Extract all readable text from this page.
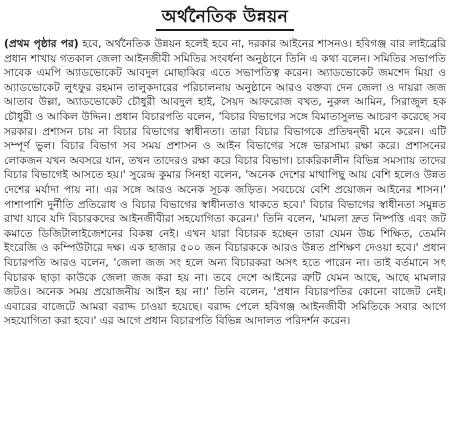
অর্থনৈতিক উন্নয়ন

(প্রথম পৃষ্ঠার পর) হবে, অর্থনৈতিক উন্নয়ন হলেই হবে না, দরকার আইনের শাসনও। হবিগঞ্জ বার লাইব্রেরি প্রধান শাখায় গতকাল জেলা আইনজীবী সমিতির সংবর্ধনা অনুষ্ঠানে তিনি এ কথা বলেন। সমিতির সভাপতি সাবেক এমপি অ্যাডভোকেট আবদুল মোছাব্বির এতে সভাপতিত্ব করেন। অ্যাডভোকেট জমশেদ মিয়া ও অ্যাডভোকেট লুৎফুর রহমান তালুকদারের পরিচালনায় অনুষ্ঠানে আরও বক্তব্য দেন জেলা ও দায়রা জজ আতাব উল্লা, অ্যাডভোকেট চৌধুরী আবদুল হাই, সৈয়দ আফরোজ বখত, নুরুল আমিন, সিরাজুল হক চৌধুরী ও আকিল উদ্দিন। প্রধান বিচারপতি বলেন, 'বিচার বিভাগের সঙ্গে বিমাতাসুলভ আচরণ করেছে সব সরকার। প্রশাসন চায় না বিচার বিভাগের স্বাধীনতা। তারা বিচার বিভাগকে প্রতিদ্বন্দ্বী মনে করেন। এটি সম্পূর্ণ ভুল। বিচার বিভাগ সব সময় প্রশাসন ও আইন বিভাগের সঙ্গে ভারসাম্য রক্ষা করে। প্রশাসনের লোকজন যখন অবসরে যান, তখন তাদেরও রক্ষা করে বিচার বিভাগ। চাকরিকালীন বিভিন্ন সমস্যায় তাদের বিচার বিভাগেই আসতে হয়।' সুরেন্দ্র কুমার সিনহা বলেন, 'অনেক দেশের মাথাপিছু আয় বেশি হলেও উন্নত দেশের মর্যাদা পায় না। এর সঙ্গে আরও অনেক সূচক জড়িত। সবচেয়ে বেশি প্রয়োজন আইনের শাসন।' পাশাপাশি দুর্নীতি প্রতিরোধ ও বিচার বিভাগের স্বাধীনতাও থাকতে হবে।' বিচার বিভাগের স্বাধীনতা সমুন্নত রাখা যাবে যদি বিচারকদের আইনজীবীরা সহযোগিতা করেন।' তিনি বলেন, 'মামলা দ্রুত নিষ্পত্তি এবং জট কমাতে ডিজিটালাইজেশনের বিকল্প নেই। এখন যারা বিচারক হচ্ছেন তারা যেমন উচ্চ শিক্ষিত, তেমনি ইংরেজি ও কম্পিউটারে দক্ষ। এক হাজার ৫০০ জন বিচারককে আরও উন্নত প্রশিক্ষণ দেওয়া হবে।' প্রধান বিচারপতি আরও বলেন, 'জেলা জজ সং হলে অন্য বিচারকরা অসৎ হতে পারেন না। তাই বর্তমানে সৎ বিচারক ছাড়া কাউকে জেলা জজ করা হয় না। তবে দেশে আইনের ত্রুটি যেমন আছে, আছে মামলার জটও। অনেক সময় প্রয়োজনীয় আইন হয় না।' তিনি বলেন, 'প্রধান বিচারপতির কোনো বাজেট নেই। এবারের বাজেটে আমরা বরাদ্দ চাওয়া হয়েছে। বরাদ্দ পেলে হবিগঞ্জ আইনজীবী সমিতিকে সবার আগে সহযোগিতা করা হবে।' এর আগে প্রধান বিচারপতি বিভিন্ন আদালত পরিদর্শন করেন।
